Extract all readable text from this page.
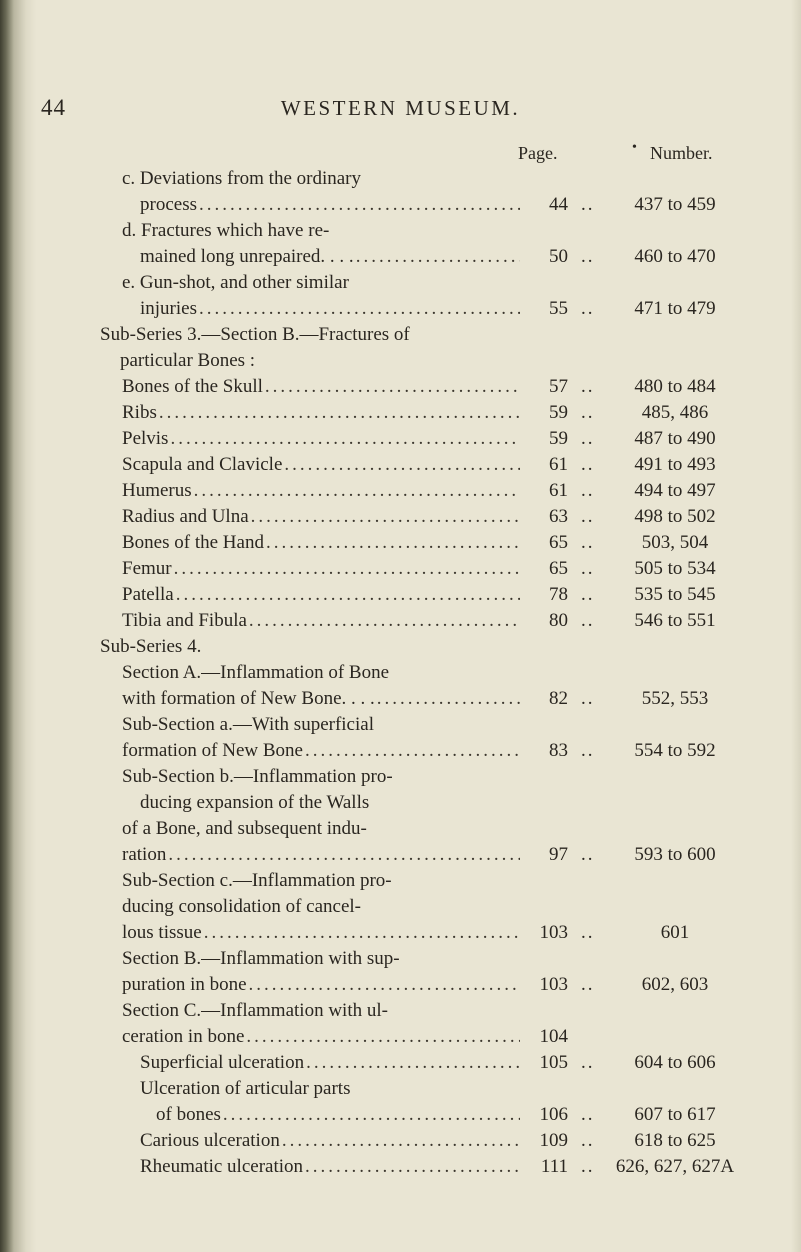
44	WESTERN MUSEUM.
Page.	• Number.
c. Deviations from the ordinary
process .....	44 ..	437 to 459
d. Fractures which have re-
mained long unrepaired. . . . .....	50 ..	460 to 470
e. Gun-shot, and other similar
injuries .....	55 ..	471 to 479
Sub-Series 3.—Section B.—Fractures of
particular Bones :
Bones of the Skull .....	57 ..	480 to 484
Ribs .....	59 ..	485, 486
Pelvis .....	59 ..	487 to 490
Scapula and Clavicle .....	61 ..	491 to 493
Humerus .....	61 ..	494 to 497
Radius and Ulna .....	63 ..	498 to 502
Bones of the Hand .....	65 ..	503, 504
Femur .....	65 ..	505 to 534
Patella .....	78 ..	535 to 545
Tibia and Fibula .....	80 ..	546 to 551
Sub-Series 4.
Section A.—Inflammation of Bone
with formation of New Bone. . . . .....	82 ..	552, 553
Sub-Section a.—With superficial
formation of New Bone .....	83 ..	554 to 592
Sub-Section b.—Inflammation pro-
ducing expansion of the Walls
of a Bone, and subsequent indu-
ration .....	97 ..	593 to 600
Sub-Section c.—Inflammation pro-
ducing consolidation of cancel-
lous tissue .....	103 ..	601
Section B.—Inflammation with sup-
puration in bone .....	103 ..	602, 603
Section C.—Inflammation with ul-
ceration in bone .....	104
Superficial ulceration .....	105 ..	604 to 606
Ulceration of articular parts
of bones .....	106 ..	607 to 617
Carious ulceration .....	109 ..	618 to 625
Rheumatic ulceration .....	111 ..	626, 627, 627A
